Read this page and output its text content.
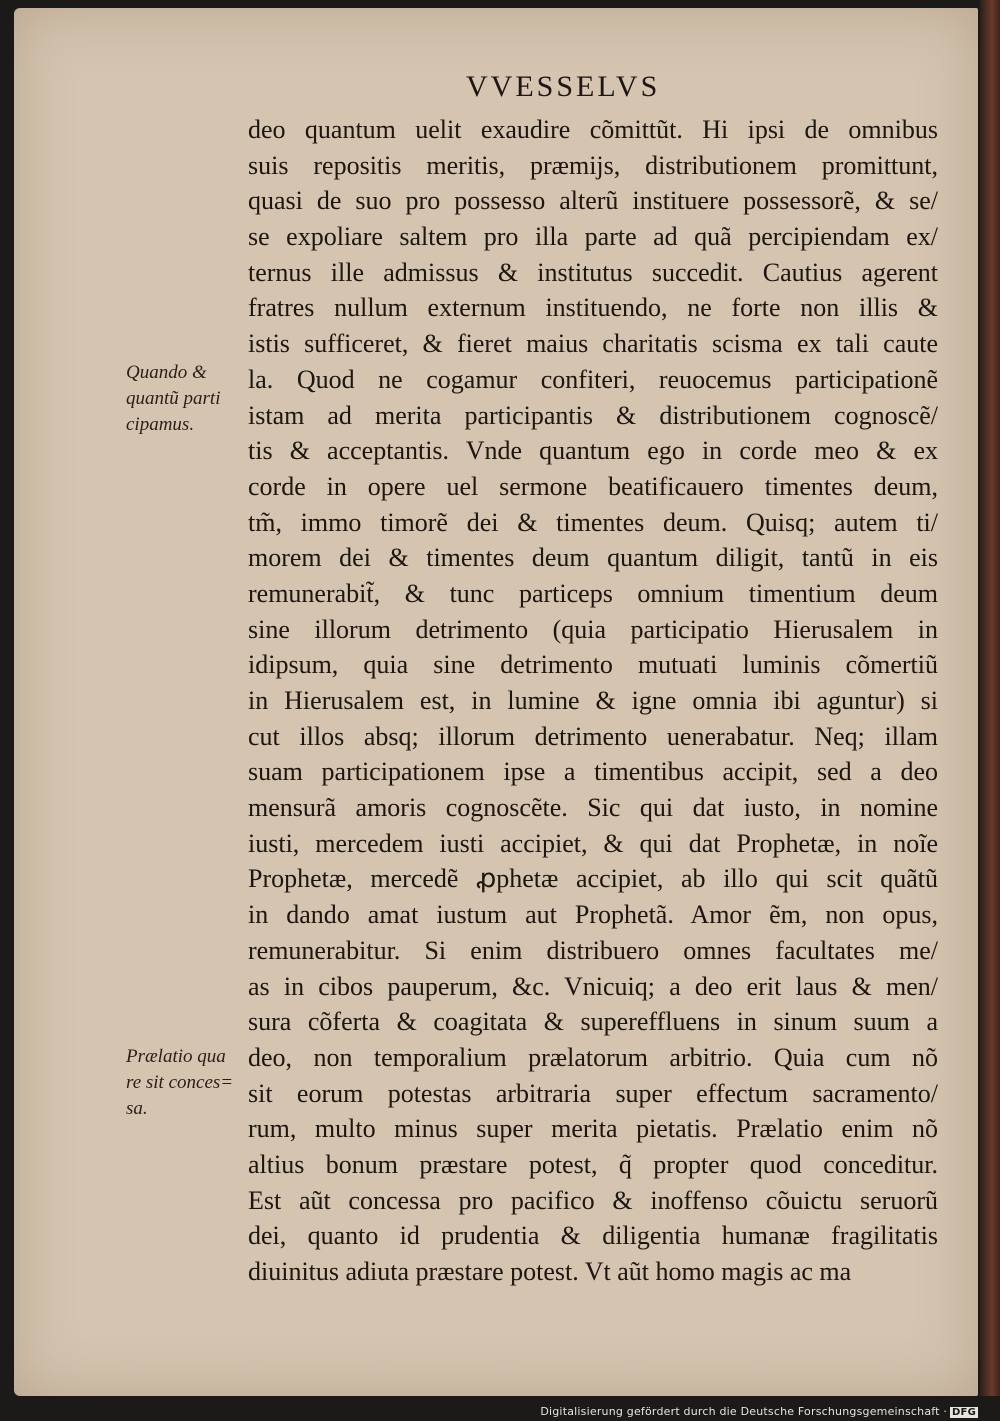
VVESSELVS
Quando &
quantũ parti
cipamus.
Prælatio qua
re sit conces=
sa.
deo quantum uelit exaudire cõmittũt. Hi ipsi de omnibus
suis repositis meritis, præmĳs, distributionem promittunt,
quasi de suo pro possesso alterũ instituere possessorẽ, & se/
se expoliare saltem pro illa parte ad quã percipiendam ex/
ternus ille admissus & institutus succedit. Cautius agerent
fratres nullum externum instituendo, ne forte non illis &
istis sufficeret, & fieret maius charitatis scisma ex tali caute
la. Quod ne cogamur confiteri, reuocemus participationẽ
istam ad merita participantis & distributionem cognoscẽ/
tis & acceptantis. Vnde quantum ego in corde meo & ex
corde in opere uel sermone beatificauero timentes deum,
tm̃, immo timorẽ dei & timentes deum. Quisq; autem ti/
morem dei & timentes deum quantum diligit, tantũ in eis
remunerabit̃, & tunc particeps omnium timentium deum
sine illorum detrimento (quia participatio Hierusalem in
idipsum, quia sine detrimento mutuati luminis cõmertiũ
in Hierusalem est, in lumine & igne omnia ibi aguntur) si
cut illos absq; illorum detrimento uenerabatur. Neq; illam
suam participationem ipse a timentibus accipit, sed a deo
mensurã amoris cognoscẽte. Sic qui dat iusto, in nomine
iusti, mercedem iusti accipiet, & qui dat Prophetæ, in noĩe
Prophetæ, mercedẽ ꝓphetæ accipiet, ab illo qui scit quãtũ
in dando amat iustum aut Prophetã. Amor ẽm, non opus,
remunerabitur. Si enim distribuero omnes facultates me/
as in cibos pauperum, &c. Vnicuiq; a deo erit laus & men/
sura cõferta & coagitata & supereffluens in sinum suum a
deo, non temporalium prælatorum arbitrio. Quia cum nõ
sit eorum potestas arbitraria super effectum sacramento/
rum, multo minus super merita pietatis. Prælatio enim nõ
altius bonum præstare potest, q̃ propter quod conceditur.
Est aũt concessa pro pacifico & inoffenso cõuictu seruorũ
dei, quanto id prudentia & diligentia humanæ fragilitatis
diuinitus adiuta præstare potest. Vt aũt homo magis ac ma
Digitalisierung gefördert durch die Deutsche Forschungsgemeinschaft · DFG
